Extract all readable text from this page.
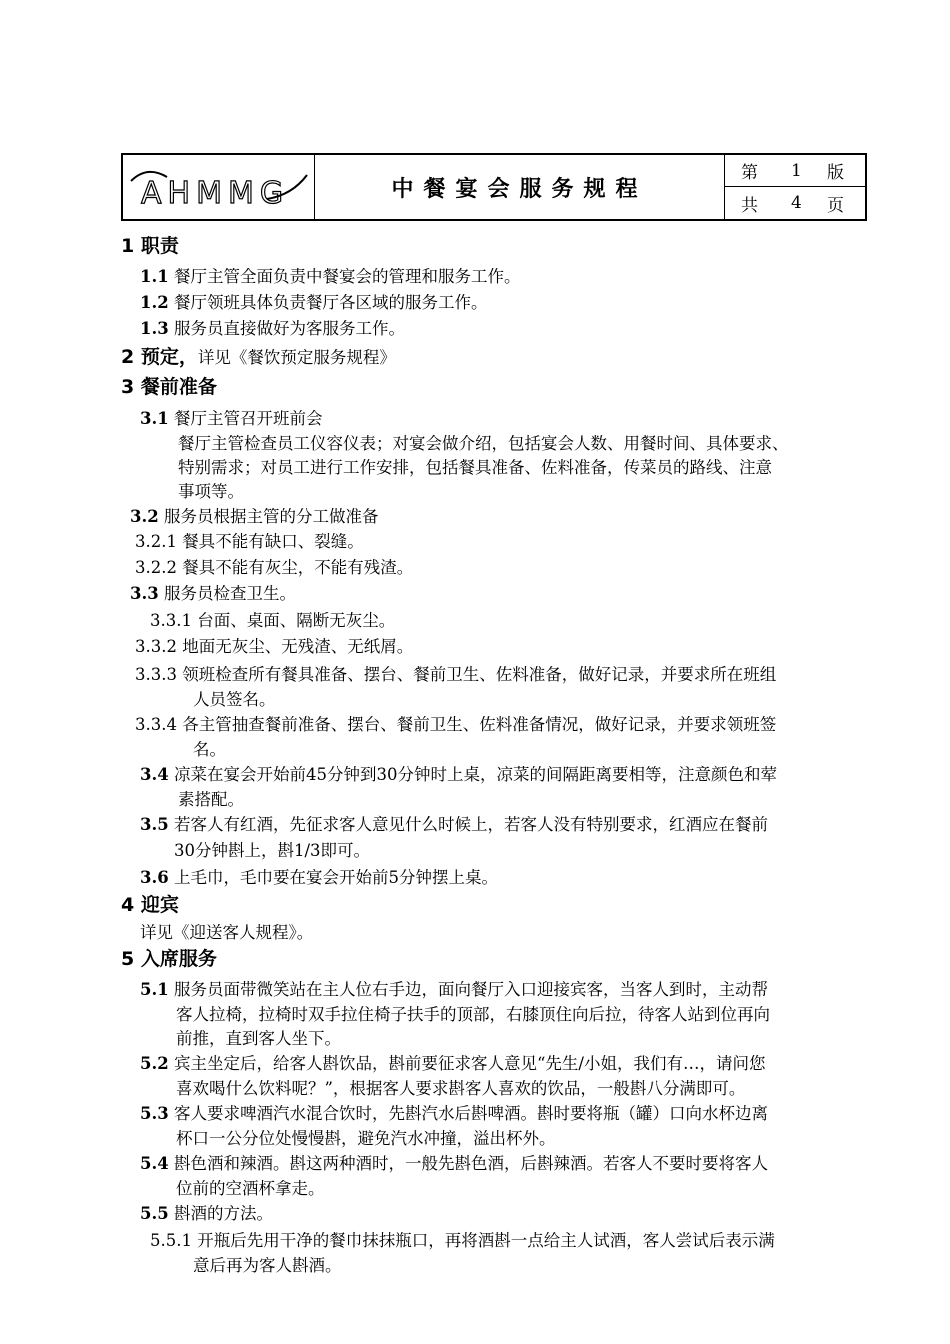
AHMMG	中餐宴会服务规程
第 1 版
共 4 页
1 职责
1.1 餐厅主管全面负责中餐宴会的管理和服务工作。
1.2 餐厅领班具体负责餐厅各区域的服务工作。
1.3 服务员直接做好为客服务工作。
2 预定，详见《餐饮预定服务规程》
3 餐前准备
3.1 餐厅主管召开班前会
餐厅主管检查员工仪容仪表；对宴会做介绍，包括宴会人数、用餐时间、具体要求、
特别需求；对员工进行工作安排，包括餐具准备、佐料准备，传菜员的路线、注意
事项等。
3.2 服务员根据主管的分工做准备
3.2.1 餐具不能有缺口、裂缝。
3.2.2 餐具不能有灰尘，不能有残渣。
3.3 服务员检查卫生。
3.3.1 台面、桌面、隔断无灰尘。
3.3.2 地面无灰尘、无残渣、无纸屑。
3.3.3 领班检查所有餐具准备、摆台、餐前卫生、佐料准备，做好记录，并要求所在班组
人员签名。
3.3.4 各主管抽查餐前准备、摆台、餐前卫生、佐料准备情况，做好记录，并要求领班签
名。
3.4 凉菜在宴会开始前45分钟到30分钟时上桌，凉菜的间隔距离要相等，注意颜色和荤
素搭配。
3.5 若客人有红酒，先征求客人意见什么时候上，若客人没有特别要求，红酒应在餐前
30分钟斟上，斟1/3即可。
3.6 上毛巾，毛巾要在宴会开始前5分钟摆上桌。
4 迎宾
详见《迎送客人规程》。
5 入席服务
5.1 服务员面带微笑站在主人位右手边，面向餐厅入口迎接宾客，当客人到时，主动帮
客人拉椅，拉椅时双手拉住椅子扶手的顶部，右膝顶住向后拉，待客人站到位再向
前推，直到客人坐下。
5.2 宾主坐定后，给客人斟饮品，斟前要征求客人意见“先生/小姐，我们有…，请问您
喜欢喝什么饮料呢？”，根据客人要求斟客人喜欢的饮品，一般斟八分满即可。
5.3 客人要求啤酒汽水混合饮时，先斟汽水后斟啤酒。斟时要将瓶（罐）口向水杯边离
杯口一公分位处慢慢斟，避免汽水冲撞，溢出杯外。
5.4 斟色酒和辣酒。斟这两种酒时，一般先斟色酒，后斟辣酒。若客人不要时要将客人
位前的空酒杯拿走。
5.5 斟酒的方法。
5.5.1 开瓶后先用干净的餐巾抹抹瓶口，再将酒斟一点给主人试酒，客人尝试后表示满
意后再为客人斟酒。
